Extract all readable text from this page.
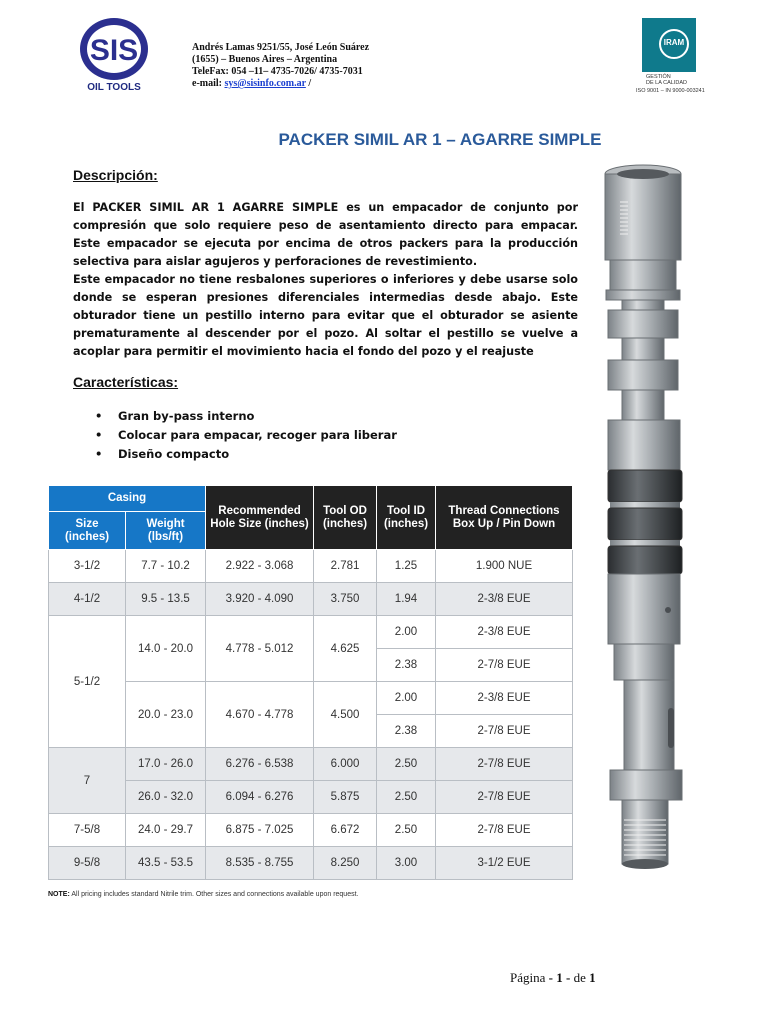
SIS
OIL TOOLS
Andrés Lamas 9251/55, José León Suárez
(1655) – Buenos Aires – Argentina
TeleFax: 054 –11– 4735-7026/ 4735-7031
e-mail: sys@sisinfo.com.ar /
IRAM
GESTIÓN
DE LA CALIDAD
ISO 9001 – IN 9000-003241
PACKER SIMIL AR 1 – AGARRE SIMPLE
Descripción:
El PACKER SIMIL AR 1 AGARRE SIMPLE es un empacador de conjunto por compresión que solo requiere peso de asentamiento directo para empacar. Este empacador se ejecuta por encima de otros packers para la producción selectiva para aislar agujeros y perforaciones de revestimiento.
Este empacador no tiene resbalones superiores o inferiores y debe usarse solo donde se esperan presiones diferenciales intermedias desde abajo. Este obturador tiene un pestillo interno para evitar que el obturador se asiente prematuramente al descender por el pozo. Al soltar el pestillo se vuelve a acoplar para permitir el movimiento hacia el fondo del pozo y el reajuste
Características:
• Gran by-pass interno
• Colocar para empacar, recoger para liberar
• Diseño compacto
Casing		Recommended Hole Size (inches)	Tool OD (inches)	Tool ID (inches)	Thread Connections Box Up / Pin Down
Size (inches)	Weight (lbs/ft)				
3-1/2	7.7 - 10.2	2.922 - 3.068	2.781	1.25	1.900 NUE
4-1/2	9.5 - 13.5	3.920 - 4.090	3.750	1.94	2-3/8 EUE
5-1/2	14.0 - 20.0	4.778 - 5.012	4.625	2.00	2-3/8 EUE
				2.38	2-7/8 EUE
	20.0 - 23.0	4.670 - 4.778	4.500	2.00	2-3/8 EUE
				2.38	2-7/8 EUE
7	17.0 - 26.0	6.276 - 6.538	6.000	2.50	2-7/8 EUE
	26.0 - 32.0	6.094 - 6.276	5.875	2.50	2-7/8 EUE
7-5/8	24.0 - 29.7	6.875 - 7.025	6.672	2.50	2-7/8 EUE
9-5/8	43.5 - 53.5	8.535 - 8.755	8.250	3.00	3-1/2 EUE
NOTE: All pricing includes standard Nitrile trim. Other sizes and connections available upon request.
Página - 1 - de 1
